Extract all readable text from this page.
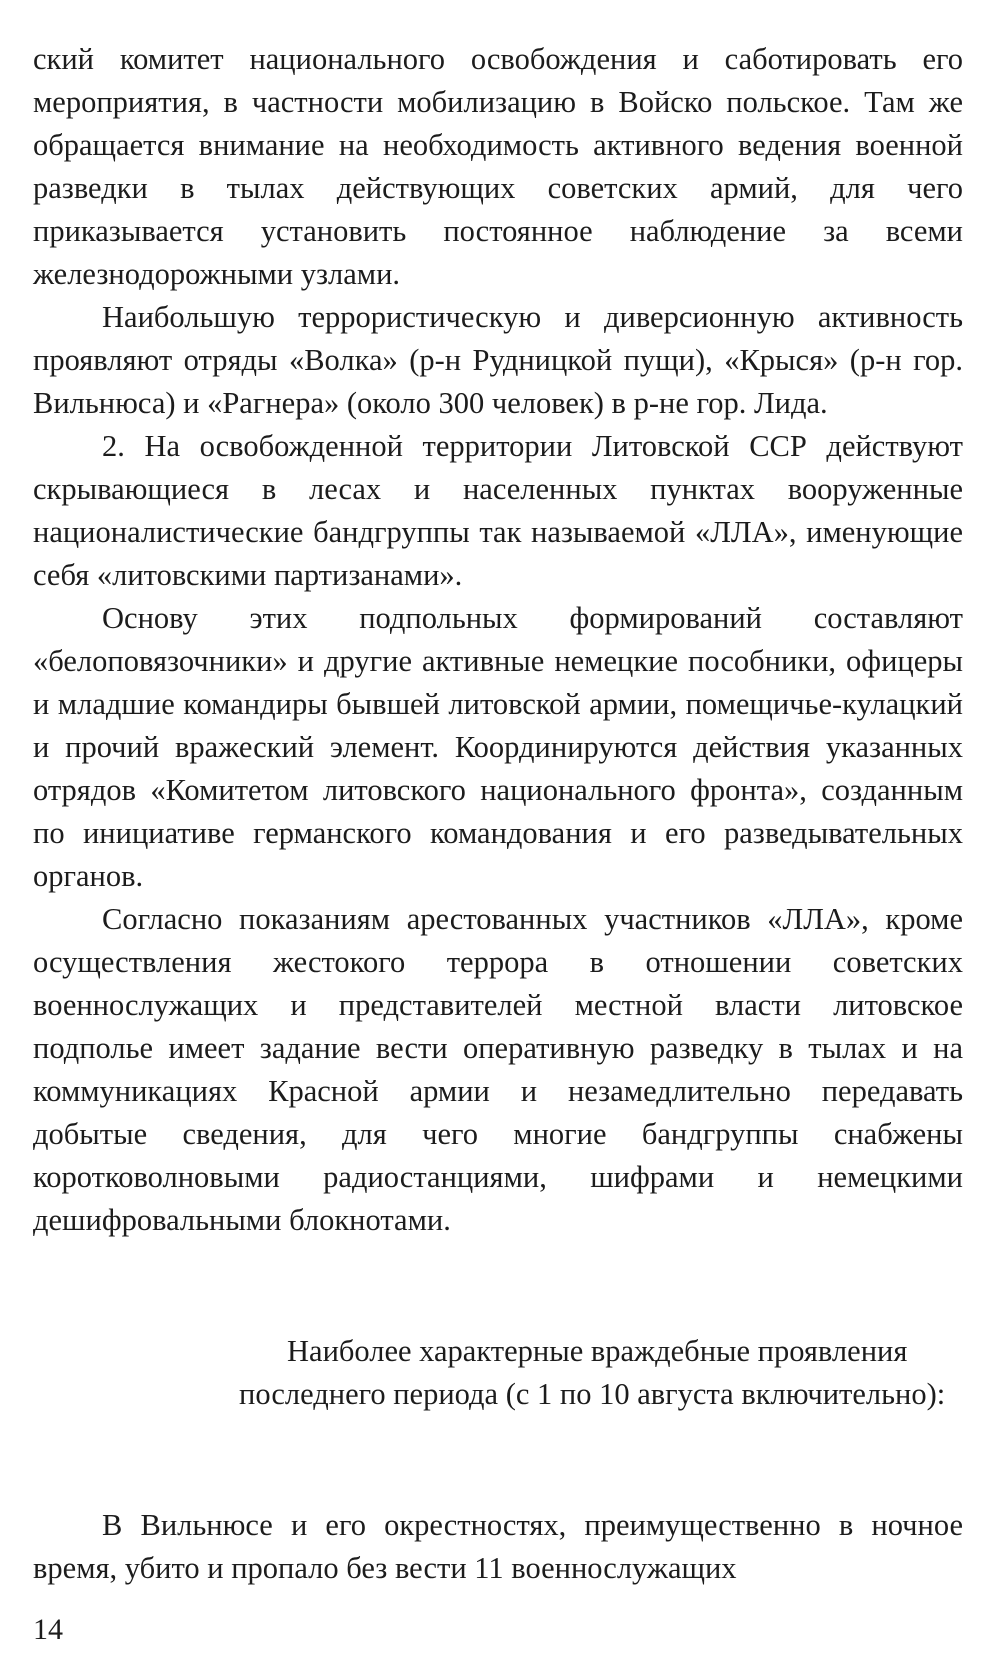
ский комитет национального освобождения и саботировать его мероприятия, в частности мобилизацию в Войско польское. Там же обращается внимание на необходимость активного ведения военной разведки в тылах действующих советских армий, для чего приказывается установить постоянное наблюдение за всеми железнодорожными узлами.

Наибольшую террористическую и диверсионную активность проявляют отряды «Волка» (р-н Рудницкой пущи), «Крыся» (р-н гор. Вильнюса) и «Рагнера» (около 300 человек) в р-не гор. Лида.

2. На освобожденной территории Литовской ССР действуют скрывающиеся в лесах и населенных пунктах вооруженные националистические бандгруппы так называемой «ЛЛА», именующие себя «литовскими партизанами».

Основу этих подпольных формирований составляют «белоповязочники» и другие активные немецкие пособники, офицеры и младшие командиры бывшей литовской армии, помещичье-кулацкий и прочий вражеский элемент. Координируются действия указанных отрядов «Комитетом литовского национального фронта», созданным по инициативе германского командования и его разведывательных органов.

Согласно показаниям арестованных участников «ЛЛА», кроме осуществления жестокого террора в отношении советских военнослужащих и представителей местной власти литовское подполье имеет задание вести оперативную разведку в тылах и на коммуникациях Красной армии и незамедлительно передавать добытые сведения, для чего многие бандгруппы снабжены коротковолновыми радиостанциями, шифрами и немецкими дешифровальными блокнотами.

Наиболее характерные враждебные проявления последнего периода (с 1 по 10 августа включительно):

В Вильнюсе и его окрестностях, преимущественно в ночное время, убито и пропало без вести 11 военнослужащих

14
